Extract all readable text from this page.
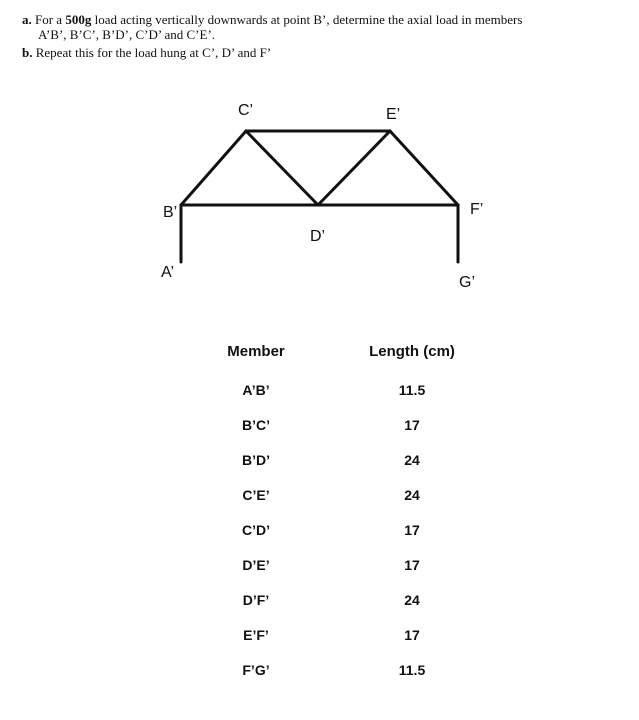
a. For a 500g load acting vertically downwards at point B’, determine the axial load in members
A’B’, B’C’, B’D’, C’D’ and C’E’.
b. Repeat this for the load hung at C’, D’ and F’
C’	E’
B’	F’
D’
A’
G’
Member	Length (cm)
A’B’	11.5
B’C’	17
B’D’	24
C’E’	24
C’D’	17
D’E’	17
D’F’	24
E’F’	17
F’G’	11.5
